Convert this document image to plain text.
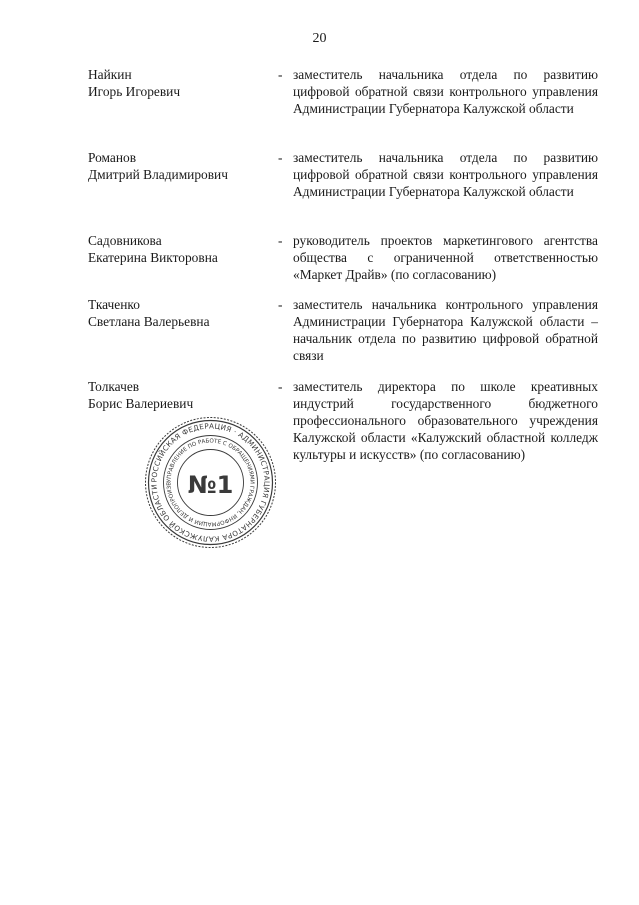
20
Найкин
Игорь Игоревич
- заместитель начальника отдела по развитию цифровой обратной связи контрольного управления Администрации Губернатора Калужской области
Романов
Дмитрий Владимирович
- заместитель начальника отдела по развитию цифровой обратной связи контрольного управления Администрации Губернатора Калужской области
Садовникова
Екатерина Викторовна
- руководитель проектов маркетингового агентства общества с ограниченной ответственностью «Маркет Драйв» (по согласованию)
Ткаченко
Светлана Валерьевна
- заместитель начальника контрольного управления Администрации Губернатора Калужской области – начальник отдела по развитию цифровой обратной связи
Толкачев
Борис Валериевич
- заместитель директора по школе креативных индустрий государственного бюджетного профессионального образовательного учреждения Калужской области «Калужский областной колледж культуры и искусств» (по согласованию)
РОССИЙСКАЯ ФЕДЕРАЦИЯ · АДМИНИСТРАЦИЯ ГУБЕРНАТОРА КАЛУЖСКОЙ ОБЛАСТИ
УПРАВЛЕНИЕ ПО РАБОТЕ С ОБРАЩЕНИЯМИ ГРАЖДАН, ИНФОРМАЦИИ И ДЕЛОПРОИЗВ №1
